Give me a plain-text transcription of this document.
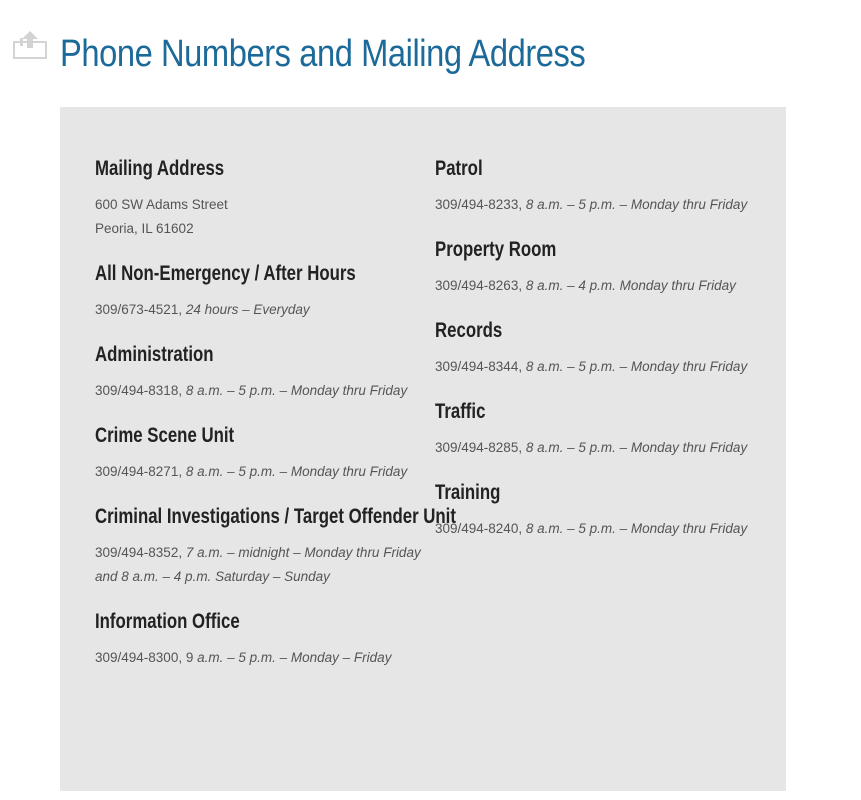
Phone Numbers and Mailing Address
Mailing Address

600 SW Adams Street
Peoria, IL 61602

All Non-Emergency / After Hours

309/673-4521, 24 hours – Everyday

Administration

309/494-8318, 8 a.m. – 5 p.m. – Monday thru Friday

Crime Scene Unit

309/494-8271, 8 a.m. – 5 p.m. – Monday thru Friday

Criminal Investigations / Target Offender Unit

309/494-8352, 7 a.m. – midnight – Monday thru Friday and 8 a.m. – 4 p.m. Saturday – Sunday

Information Office

309/494-8300, 9 a.m. – 5 p.m. – Monday – Friday

Patrol

309/494-8233, 8 a.m. – 5 p.m. – Monday thru Friday

Property Room

309/494-8263, 8 a.m. – 4 p.m. Monday thru Friday

Records

309/494-8344, 8 a.m. – 5 p.m. – Monday thru Friday

Traffic

309/494-8285, 8 a.m. – 5 p.m. – Monday thru Friday

Training

309/494-8240, 8 a.m. – 5 p.m. – Monday thru Friday
